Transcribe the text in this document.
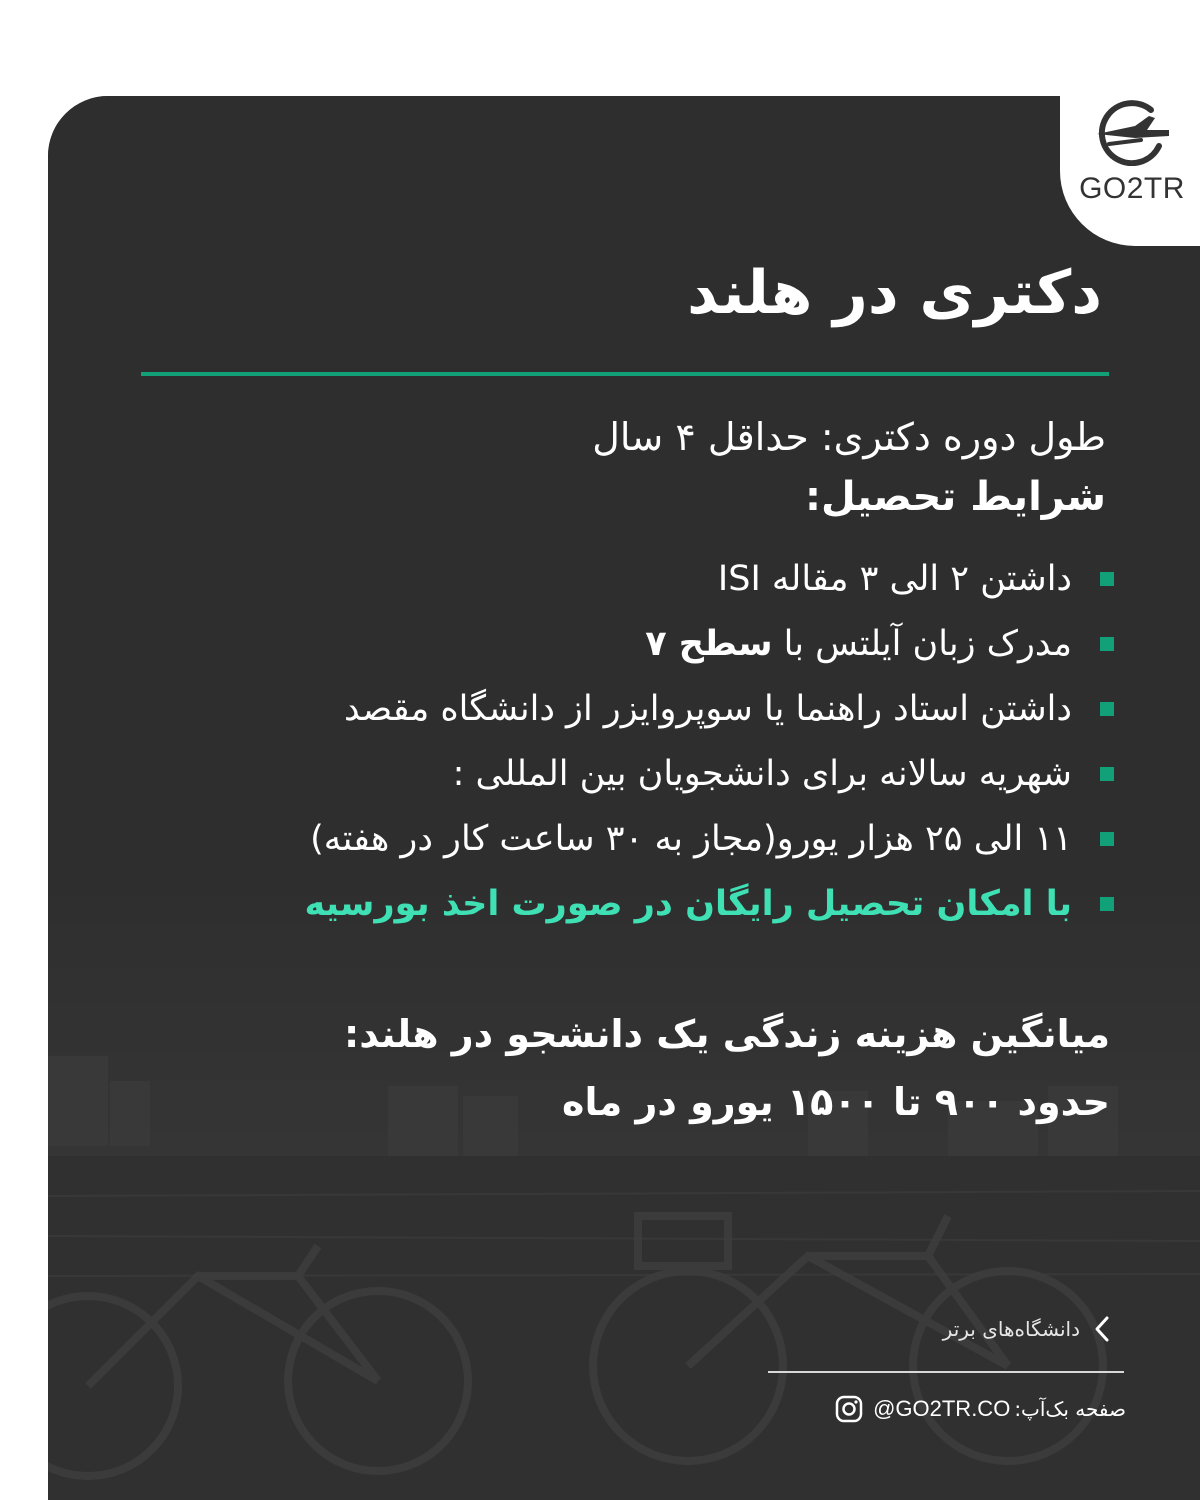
GO2TR
دکتری در هلند
طول دوره دکتری: حداقل ۴ سال
شرایط تحصیل:
داشتن ۲ الی ۳ مقاله ISI
مدرک زبان آیلتس با سطح ۷
داشتن استاد راهنما یا سوپروایزر از دانشگاه مقصد
شهریه سالانه برای دانشجویان بین المللی :
۱۱ الی ۲۵ هزار یورو(مجاز به ۳۰ ساعت کار در هفته)
با امکان تحصیل رایگان در صورت اخذ بورسیه
میانگین هزینه زندگی یک دانشجو در هلند:
حدود ۹۰۰ تا ۱۵۰۰ یورو در ماه
دانشگاه‌های برتر
صفحه بک‌آپ:
@GO2TR.CO
